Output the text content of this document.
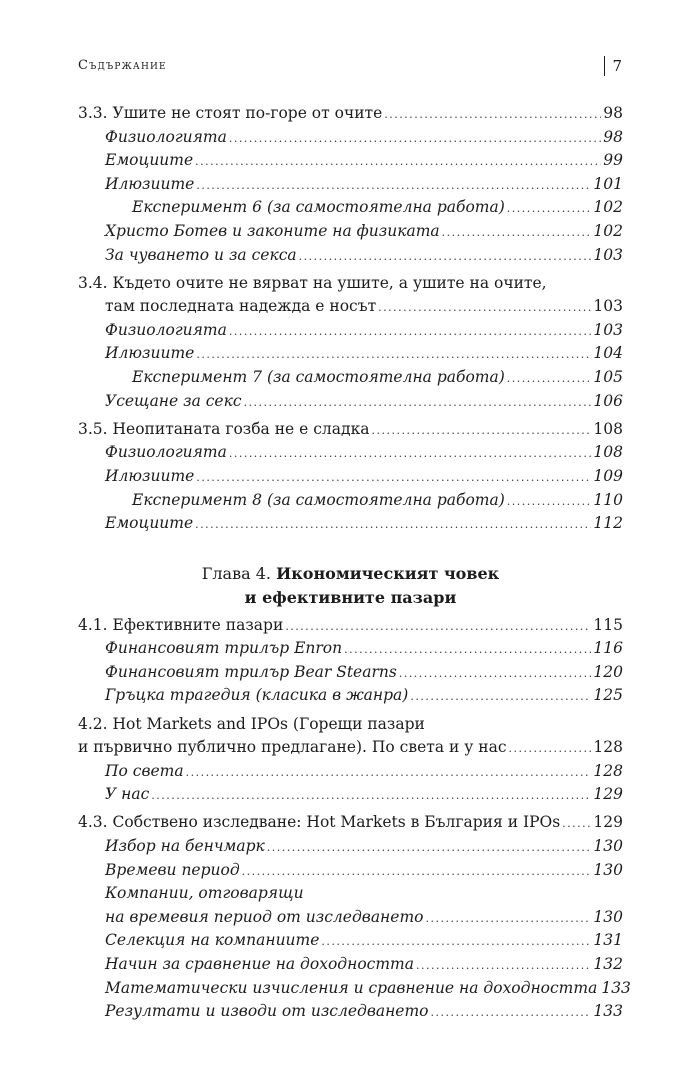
Съдържание	7
3.3. Ушите не стоят по-горе от очите . . .	98
Физиологията . . .	98
Емоциите . . .	99
Илюзиите . . .	101
Експеримент 6 (за самостоятелна работа) . . .	102
Христо Ботев и законите на физиката . . .	102
За чуването и за секса . . .	103
3.4. Където очите не вярват на ушите, а ушите на очите,
там последната надежда е носът . . .	103
Физиологията . . .	103
Илюзиите . . .	104
Експеримент 7 (за самостоятелна работа) . . .	105
Усещане за секс . . .	106
3.5. Неопитаната гозба не е сладка . . .	108
Физиологията . . .	108
Илюзиите . . .	109
Експеримент 8 (за самостоятелна работа) . . .	110
Емоциите . . .	112
Глава 4. Икономическият човек
и ефективните пазари
4.1. Ефективните пазари . . .	115
Финансовият трилър Enron . . .	116
Финансовият трилър Bear Stearns . . .	120
Гръцка трагедия (класика в жанра) . . .	125
4.2. Hot Markets and IPOs (Горещи пазари
и първично публично предлагане). По света и у нас . . .	128
По света . . .	128
У нас . . .	129
4.3. Собствено изследване: Hot Markets в България и IPOs . . . 129
Избор на бенчмарк . . .	130
Времеви период . . .	130
Компании, отговарящи
на времевия период от изследването . . .	130
Селекция на компаниите . . .	131
Начин за сравнение на доходността . . .	132
Математически изчисления и сравнение на доходността 133
Резултати и изводи от изследването . . .	133
